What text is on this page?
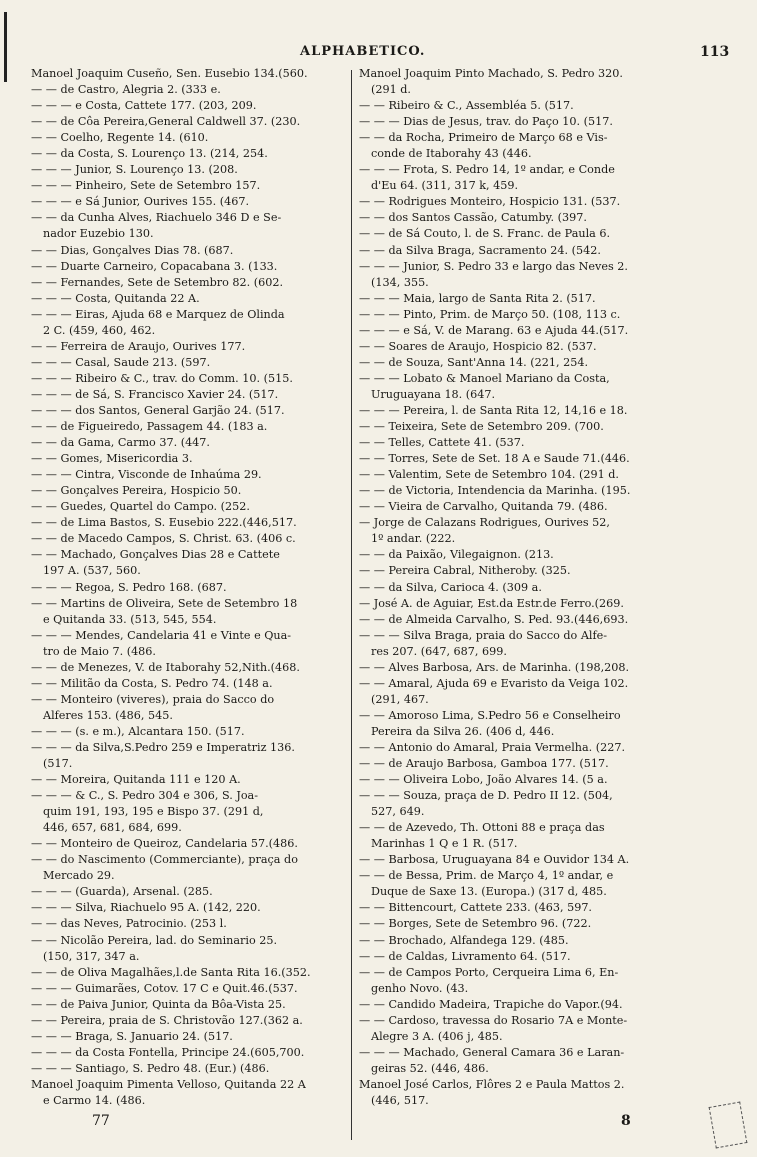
ALPHABETICO.	113
Manoel Joaquim Cuseño, Sen. Eusebio 134.(560.
— — de Castro, Alegria 2. (333 e.
— — — e Costa, Cattete 177. (203, 209.
— — de Côa Pereira,General Caldwell 37. (230.
— — Coelho, Regente 14. (610.
— — da Costa, S. Lourenço 13. (214, 254.
— — — Junior, S. Lourenço 13. (208.
— — — Pinheiro, Sete de Setembro 157.
— — — e Sá Junior, Ourives 155. (467.
— — da Cunha Alves, Riachuelo 346 D e Se-
nador Euzebio 130.
— — Dias, Gonçalves Dias 78. (687.
— — Duarte Carneiro, Copacabana 3. (133.
— — Fernandes, Sete de Setembro 82. (602.
— — — Costa, Quitanda 22 A.
— — — Eiras, Ajuda 68 e Marquez de Olinda
2 C. (459, 460, 462.
— — Ferreira de Araujo, Ourives 177.
— — — Casal, Saude 213. (597.
— — — Ribeiro & C., trav. do Comm. 10. (515.
— — — de Sá, S. Francisco Xavier 24. (517.
— — — dos Santos, General Garjão 24. (517.
— — de Figueiredo, Passagem 44. (183 a.
— — da Gama, Carmo 37. (447.
— — Gomes, Misericordia 3.
— — — Cintra, Visconde de Inhaúma 29.
— — Gonçalves Pereira, Hospicio 50.
— — Guedes, Quartel do Campo. (252.
— — de Lima Bastos, S. Eusebio 222.(446,517.
— — de Macedo Campos, S. Christ. 63. (406 c.
— — Machado, Gonçalves Dias 28 e Cattete
197 A. (537, 560.
— — — Regoa, S. Pedro 168. (687.
— — Martins de Oliveira, Sete de Setembro 18
e Quitanda 33. (513, 545, 554.
— — — Mendes, Candelaria 41 e Vinte e Qua-
tro de Maio 7. (486.
— — de Menezes, V. de Itaborahy 52,Nith.(468.
— — Militão da Costa, S. Pedro 74. (148 a.
— — Monteiro (viveres), praia do Sacco do
Alferes 153. (486, 545.
— — — (s. e m.), Alcantara 150. (517.
— — — da Silva,S.Pedro 259 e Imperatriz 136.
(517.
— — Moreira, Quitanda 111 e 120 A.
— — — & C., S. Pedro 304 e 306, S. Joa-
quim 191, 193, 195 e Bispo 37. (291 d,
446, 657, 681, 684, 699.
— — Monteiro de Queiroz, Candelaria 57.(486.
— — do Nascimento (Commerciante), praça do
Mercado 29.
— — — (Guarda), Arsenal. (285.
— — — Silva, Riachuelo 95 A. (142, 220.
— — das Neves, Patrocinio. (253 l.
— — Nicolão Pereira, lad. do Seminario 25.
(150, 317, 347 a.
— — de Oliva Magalhães,l.de Santa Rita 16.(352.
— — — Guimarães, Cotov. 17 C e Quit.46.(537.
— — de Paiva Junior, Quinta da Bôa-Vista 25.
— — Pereira, praia de S. Christovão 127.(362 a.
— — — Braga, S. Januario 24. (517.
— — — da Costa Fontella, Principe 24.(605,700.
— — — Santiago, S. Pedro 48. (Eur.) (486.
Manoel Joaquim Pimenta Velloso, Quitanda 22 A
e Carmo 14. (486.
Manoel Joaquim Pinto Machado, S. Pedro 320.
(291 d.
— — Ribeiro & C., Assembléa 5. (517.
— — — Dias de Jesus, trav. do Paço 10. (517.
— — da Rocha, Primeiro de Março 68 e Vis-
conde de Itaborahy 43 (446.
— — — Frota, S. Pedro 14, 1º andar, e Conde
d'Eu 64. (311, 317 k, 459.
— — Rodrigues Monteiro, Hospicio 131. (537.
— — dos Santos Cassão, Catumby. (397.
— — de Sá Couto, l. de S. Franc. de Paula 6.
— — da Silva Braga, Sacramento 24. (542.
— — — Junior, S. Pedro 33 e largo das Neves 2.
(134, 355.
— — — Maia, largo de Santa Rita 2. (517.
— — — Pinto, Prim. de Março 50. (108, 113 c.
— — — e Sá, V. de Marang. 63 e Ajuda 44.(517.
— — Soares de Araujo, Hospicio 82. (537.
— — de Souza, Sant'Anna 14. (221, 254.
— — — Lobato & Manoel Mariano da Costa,
Uruguayana 18. (647.
— — — Pereira, l. de Santa Rita 12, 14,16 e 18.
— — Teixeira, Sete de Setembro 209. (700.
— — Telles, Cattete 41. (537.
— — Torres, Sete de Set. 18 A e Saude 71.(446.
— — Valentim, Sete de Setembro 104. (291 d.
— — de Victoria, Intendencia da Marinha. (195.
— — Vieira de Carvalho, Quitanda 79. (486.
— Jorge de Calazans Rodrigues, Ourives 52,
1º andar. (222.
— — da Paixão, Vilegaignon. (213.
— — Pereira Cabral, Nitheroby. (325.
— — da Silva, Carioca 4. (309 a.
— José A. de Aguiar, Est.da Estr.de Ferro.(269.
— — de Almeida Carvalho, S. Ped. 93.(446,693.
— — — Silva Braga, praia do Sacco do Alfe-
res 207. (647, 687, 699.
— — Alves Barbosa, Ars. de Marinha. (198,208.
— — Amaral, Ajuda 69 e Evaristo da Veiga 102.
(291, 467.
— — Amoroso Lima, S.Pedro 56 e Conselheiro
Pereira da Silva 26. (406 d, 446.
— — Antonio do Amaral, Praia Vermelha. (227.
— — de Araujo Barbosa, Gamboa 177. (517.
— — — Oliveira Lobo, João Alvares 14. (5 a.
— — — Souza, praça de D. Pedro II 12. (504,
527, 649.
— — de Azevedo, Th. Ottoni 88 e praça das
Marinhas 1 Q e 1 R. (517.
— — Barbosa, Uruguayana 84 e Ouvidor 134 A.
— — de Bessa, Prim. de Março 4, 1º andar, e
Duque de Saxe 13. (Europa.) (317 d, 485.
— — Bittencourt, Cattete 233. (463, 597.
— — Borges, Sete de Setembro 96. (722.
— — Brochado, Alfandega 129. (485.
— — de Caldas, Livramento 64. (517.
— — de Campos Porto, Cerqueira Lima 6, En-
genho Novo. (43.
— — Candido Madeira, Trapiche do Vapor.(94.
— — Cardoso, travessa do Rosario 7A e Monte-
Alegre 3 A. (406 j, 485.
— — — Machado, General Camara 36 e Laran-
geiras 52. (446, 486.
Manoel José Carlos, Flôres 2 e Paula Mattos 2.
(446, 517.
77	8
